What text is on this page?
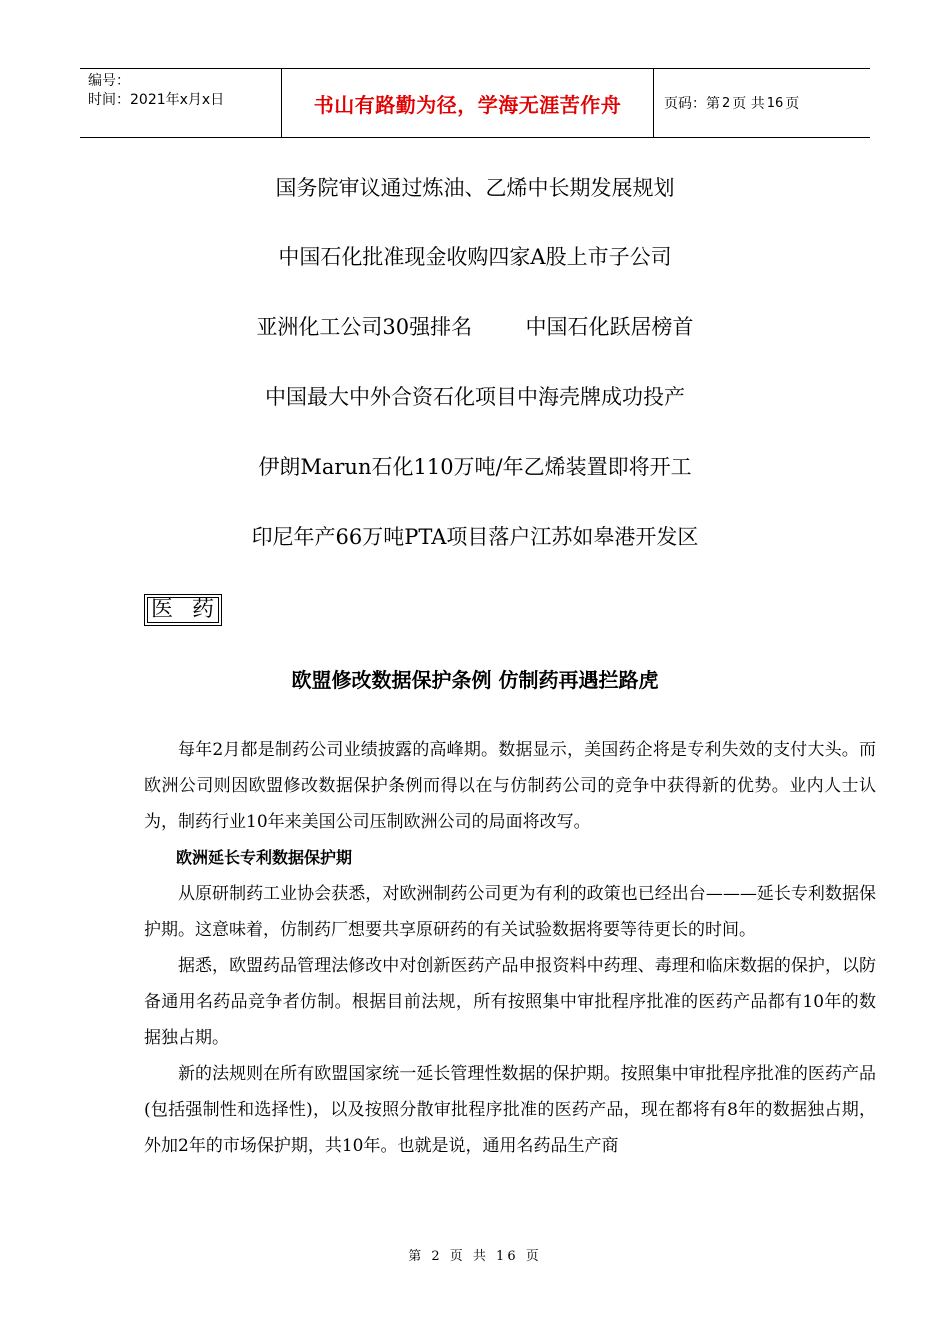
编号：
时间：2021年x月x日	书山有路勤为径，学海无涯苦作舟	页码：第 2 页 共 16 页
国务院审议通过炼油、乙烯中长期发展规划
中国石化批准现金收购四家A股上市子公司
亚洲化工公司30强排名        中国石化跃居榜首
中国最大中外合资石化项目中海壳牌成功投产
伊朗Marun石化110万吨/年乙烯装置即将开工
印尼年产66万吨PTA项目落户江苏如皋港开发区
医 药
欧盟修改数据保护条例 仿制药再遇拦路虎

每年2月都是制药公司业绩披露的高峰期。数据显示，美国药企将是专利失效的支付大头。而欧洲公司则因欧盟修改数据保护条例而得以在与仿制药公司的竞争中获得新的优势。业内人士认为，制药行业10年来美国公司压制欧洲公司的局面将改写。

欧洲延长专利数据保护期

从原研制药工业协会获悉，对欧洲制药公司更为有利的政策也已经出台———延长专利数据保护期。这意味着，仿制药厂想要共享原研药的有关试验数据将要等待更长的时间。

据悉，欧盟药品管理法修改中对创新医药产品申报资料中药理、毒理和临床数据的保护，以防备通用名药品竞争者仿制。根据目前法规，所有按照集中审批程序批准的医药产品都有10年的数据独占期。

新的法规则在所有欧盟国家统一延长管理性数据的保护期。按照集中审批程序批准的医药产品(包括强制性和选择性)，以及按照分散审批程序批准的医药产品，现在都将有8年的数据独占期，外加2年的市场保护期，共10年。也就是说，通用名药品生产商

第 2 页 共 16 页
